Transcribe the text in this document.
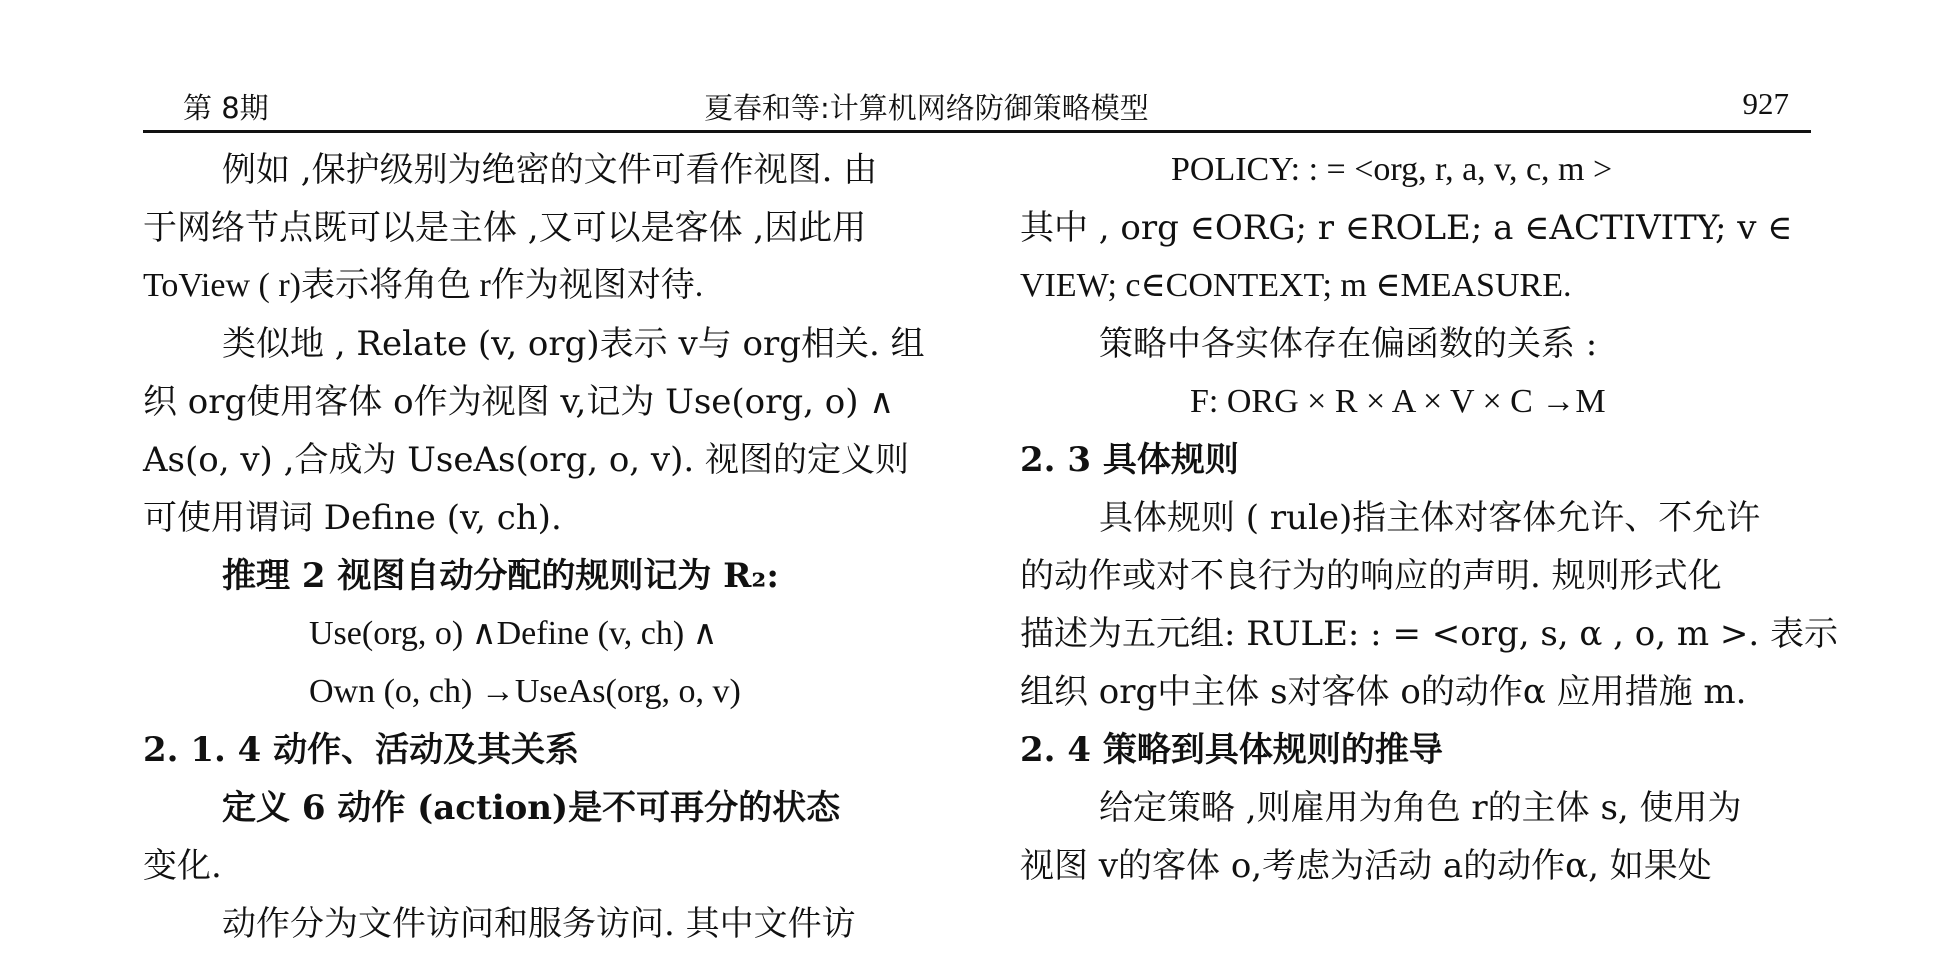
第 8期	夏春和等:计算机网络防御策略模型	927
例如 ,保护级别为绝密的文件可看作视图. 由
于网络节点既可以是主体 ,又可以是客体 ,因此用
ToView ( r)表示将角色 r作为视图对待.
类似地 , Relate (v, org)表示 v与 org相关. 组
织 org使用客体 o作为视图 v,记为 Use(org, o) ∧
As(o, v) ,合成为 UseAs(org, o, v). 视图的定义则
可使用谓词 Define (v, ch).
推理 2 视图自动分配的规则记为 R₂:
Use(org, o) ∧Define (v, ch) ∧
Own (o, ch) →UseAs(org, o, v)
2. 1. 4 动作、活动及其关系
定义 6 动作 (action)是不可再分的状态
变化.
动作分为文件访问和服务访问. 其中文件访
POLICY: : = <org, r, a, v, c, m >
其中 , org ∈ORG; r ∈ROLE; a ∈ACTIVITY; v ∈
VIEW; c∈CONTEXT; m ∈MEASURE.
策略中各实体存在偏函数的关系 :
F: ORG × R × A × V × C →M
2. 3 具体规则
具体规则 ( rule)指主体对客体允许、不允许
的动作或对不良行为的响应的声明. 规则形式化
描述为五元组: RULE: : = <org, s, α , o, m >. 表示
组织 org中主体 s对客体 o的动作α 应用措施 m.
2. 4 策略到具体规则的推导
给定策略 ,则雇用为角色 r的主体 s, 使用为
视图 v的客体 o,考虑为活动 a的动作α, 如果处
